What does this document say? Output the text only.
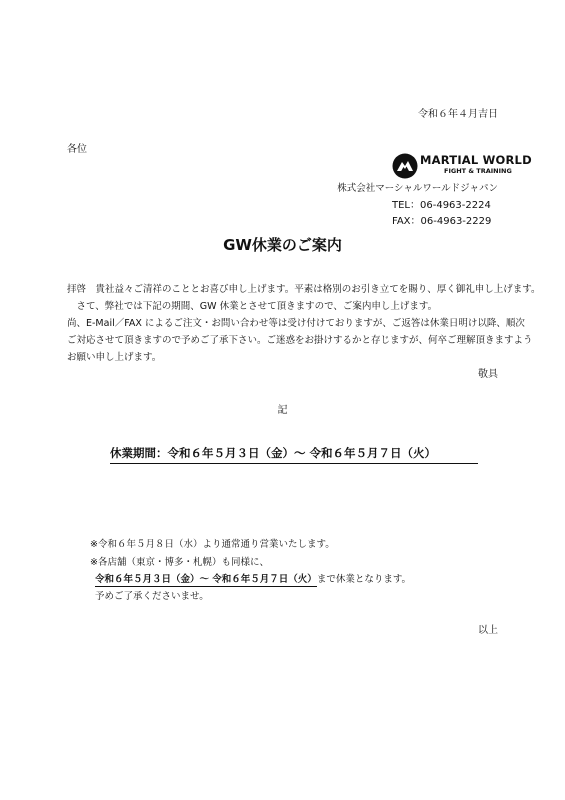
令和６年４月吉日
各位
MARTIAL WORLD
FIGHT & TRAINING
株式会社マーシャルワールドジャパン
TEL：06-4963-2224
FAX：06-4963-2229
GW休業のご案内
拝啓　貴社益々ご清祥のこととお喜び申し上げます。平素は格別のお引き立てを賜り、厚く御礼申し上げます。
　さて、弊社では下記の期間、GW 休業とさせて頂きますので、ご案内申し上げます。
尚、E-Mail／FAX によるご注文・お問い合わせ等は受け付けておりますが、ご返答は休業日明け以降、順次
ご対応させて頂きますので予めご了承下さい。ご迷惑をお掛けするかと存じますが、何卒ご理解頂きますよう
お願い申し上げます。
敬具
記
休業期間：令和６年５月３日（金）～ 令和６年５月７日（火）
※令和６年５月８日（水）より通常通り営業いたします。
※各店舗（東京・博多・札幌）も同様に、
令和６年５月３日（金）～ 令和６年５月７日（火）まで休業となります。
予めご了承くださいませ。
以上
